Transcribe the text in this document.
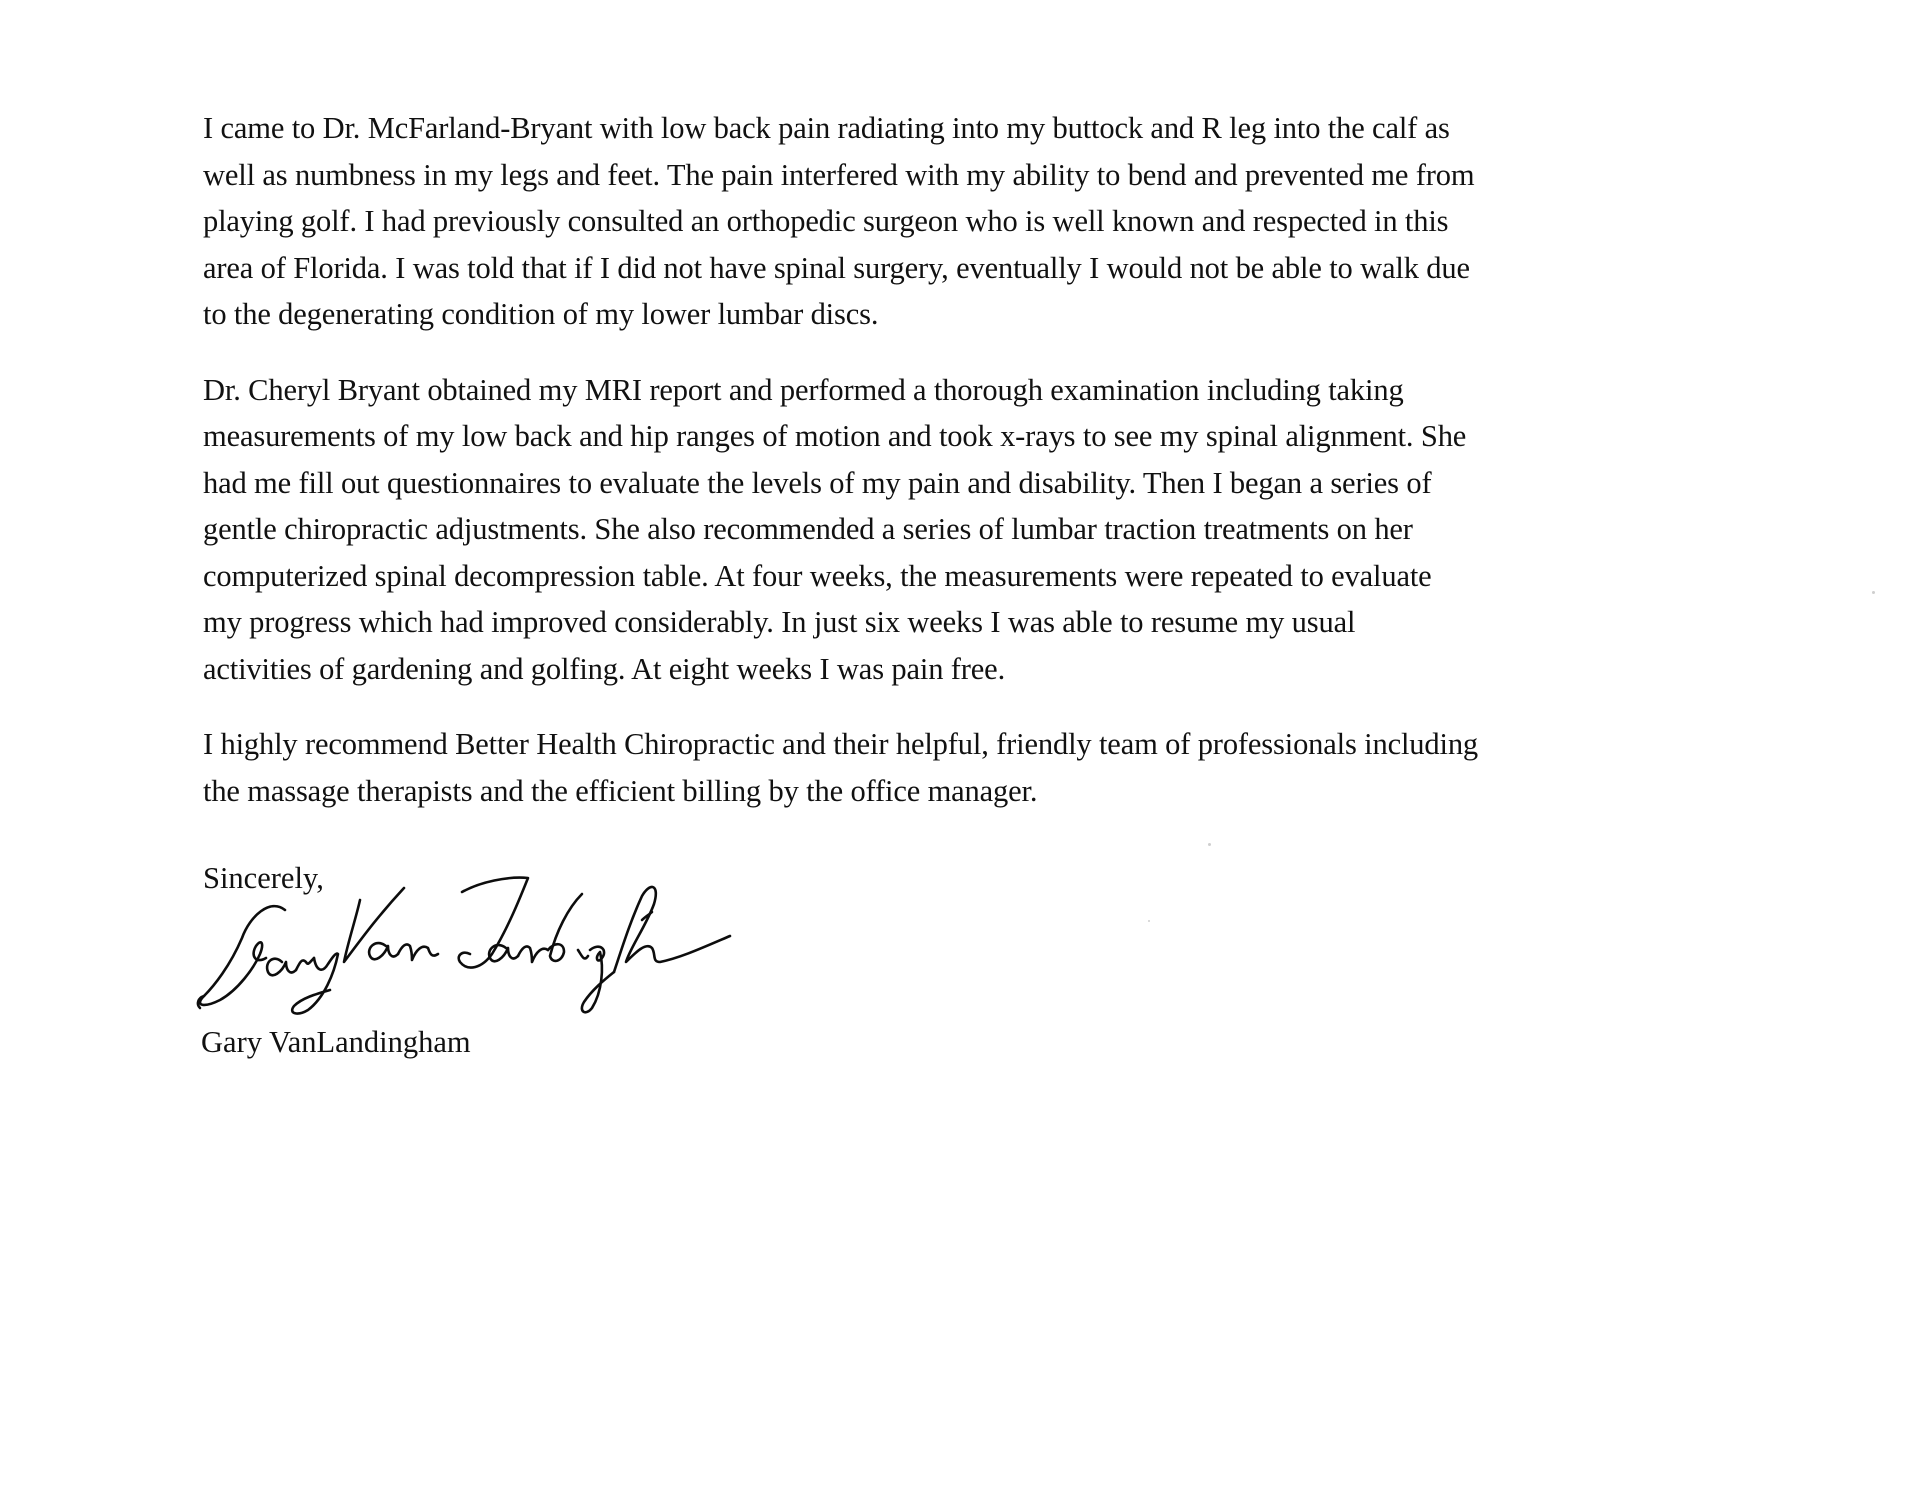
I came to Dr. McFarland-Bryant with low back pain radiating into my buttock and R leg into the calf as
well as numbness in my legs and feet. The pain interfered with my ability to bend and prevented me from
playing golf. I had previously consulted an orthopedic surgeon who is well known and respected in this
area of Florida. I was told that if I did not have spinal surgery, eventually I would not be able to walk due
to the degenerating condition of my lower lumbar discs.

Dr. Cheryl Bryant obtained my MRI report and performed a thorough examination including taking
measurements of my low back and hip ranges of motion and took x-rays to see my spinal alignment. She
had me fill out questionnaires to evaluate the levels of my pain and disability. Then I began a series of
gentle chiropractic adjustments. She also recommended a series of lumbar traction treatments on her
computerized spinal decompression table. At four weeks, the measurements were repeated to evaluate
my progress which had improved considerably. In just six weeks I was able to resume my usual
activities of gardening and golfing. At eight weeks I was pain free.

I highly recommend Better Health Chiropractic and their helpful, friendly team of professionals including
the massage therapists and the efficient billing by the office manager.

Sincerely,
Gary VanLandingham
